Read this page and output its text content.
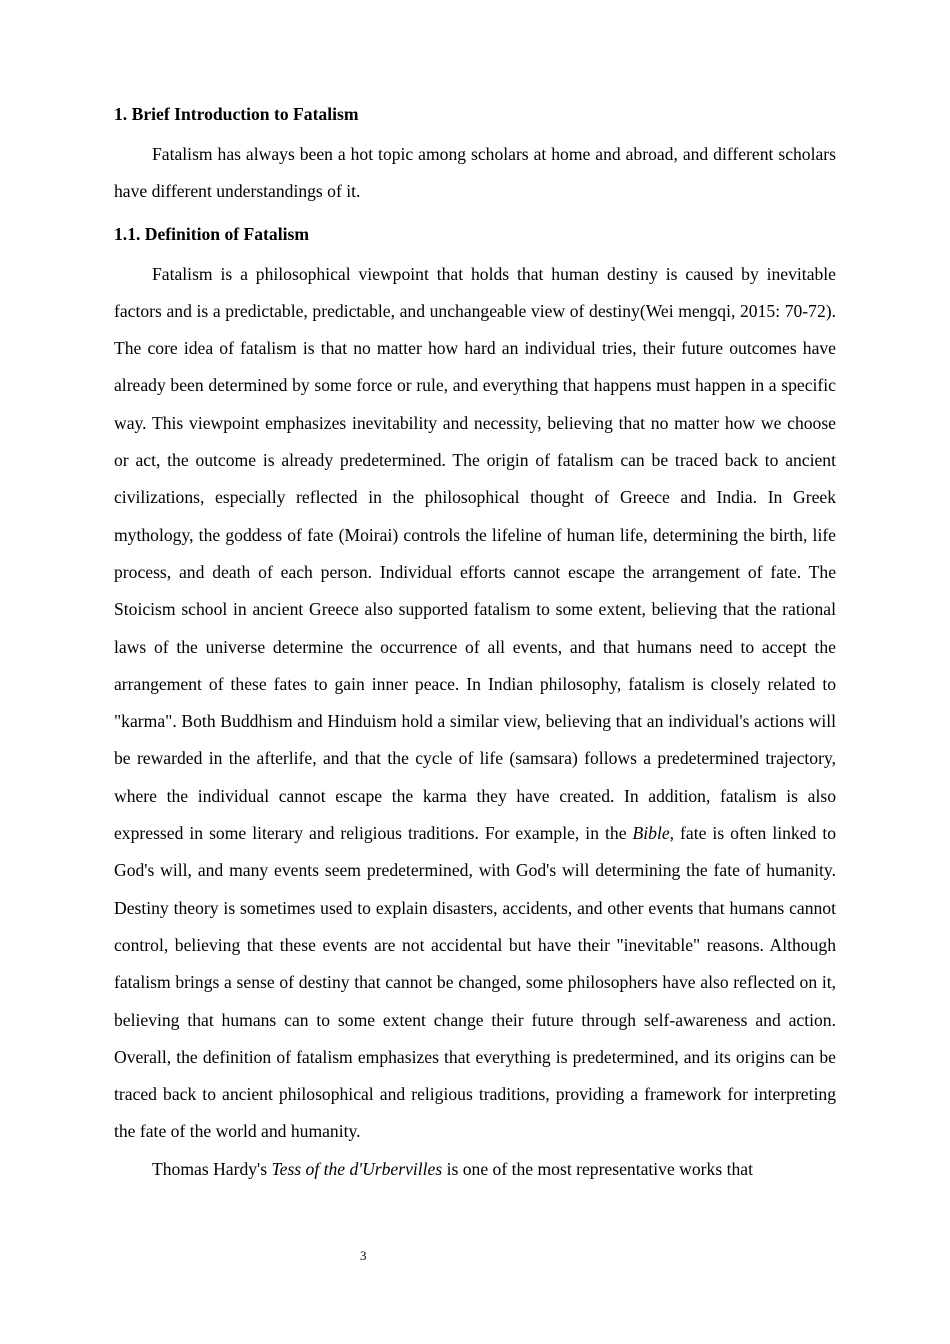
1. Brief Introduction to Fatalism

Fatalism has always been a hot topic among scholars at home and abroad, and different scholars have different understandings of it.

1.1. Definition of Fatalism

Fatalism is a philosophical viewpoint that holds that human destiny is caused by inevitable factors and is a predictable, predictable, and unchangeable view of destiny(Wei mengqi, 2015: 70-72). The core idea of fatalism is that no matter how hard an individual tries, their future outcomes have already been determined by some force or rule, and everything that happens must happen in a specific way. This viewpoint emphasizes inevitability and necessity, believing that no matter how we choose or act, the outcome is already predetermined. The origin of fatalism can be traced back to ancient civilizations, especially reflected in the philosophical thought of Greece and India. In Greek mythology, the goddess of fate (Moirai) controls the lifeline of human life, determining the birth, life process, and death of each person. Individual efforts cannot escape the arrangement of fate. The Stoicism school in ancient Greece also supported fatalism to some extent, believing that the rational laws of the universe determine the occurrence of all events, and that humans need to accept the arrangement of these fates to gain inner peace. In Indian philosophy, fatalism is closely related to "karma". Both Buddhism and Hinduism hold a similar view, believing that an individual's actions will be rewarded in the afterlife, and that the cycle of life (samsara) follows a predetermined trajectory, where the individual cannot escape the karma they have created. In addition, fatalism is also expressed in some literary and religious traditions. For example, in the Bible, fate is often linked to God's will, and many events seem predetermined, with God's will determining the fate of humanity. Destiny theory is sometimes used to explain disasters, accidents, and other events that humans cannot control, believing that these events are not accidental but have their "inevitable" reasons. Although fatalism brings a sense of destiny that cannot be changed, some philosophers have also reflected on it, believing that humans can to some extent change their future through self-awareness and action. Overall, the definition of fatalism emphasizes that everything is predetermined, and its origins can be traced back to ancient philosophical and religious traditions, providing a framework for interpreting the fate of the world and humanity.

Thomas Hardy's Tess of the d'Urbervilles is one of the most representative works that

3
